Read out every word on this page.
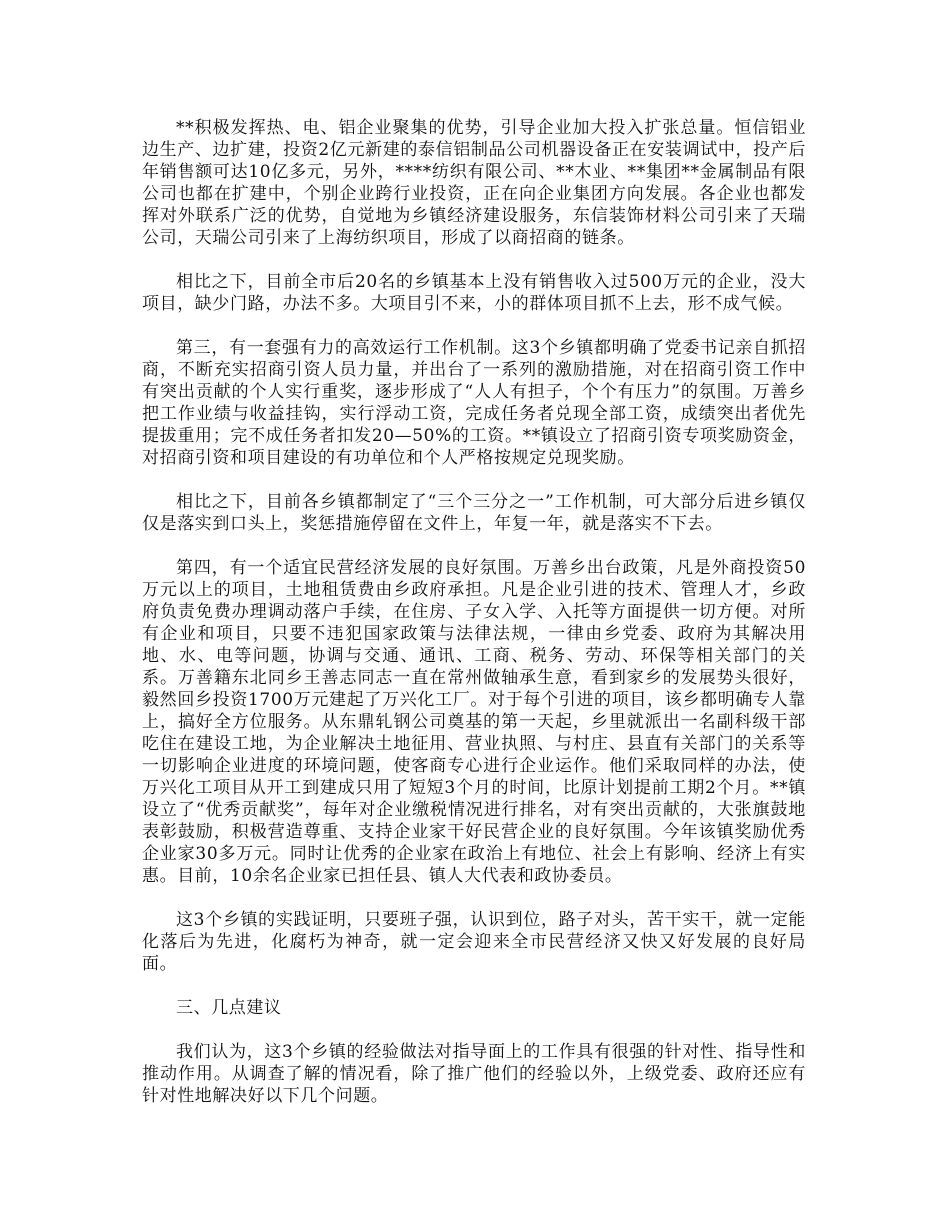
**积极发挥热、电、铝企业聚集的优势，引导企业加大投入扩张总量。恒信铝业边生产、边扩建，投资2亿元新建的泰信铝制品公司机器设备正在安装调试中，投产后年销售额可达10亿多元，另外，****纺织有限公司、**木业、**集团**金属制品有限公司也都在扩建中，个别企业跨行业投资，正在向企业集团方向发展。各企业也都发挥对外联系广泛的优势，自觉地为乡镇经济建设服务，东信装饰材料公司引来了天瑞公司，天瑞公司引来了上海纺织项目，形成了以商招商的链条。

相比之下，目前全市后20名的乡镇基本上没有销售收入过500万元的企业，没大项目，缺少门路，办法不多。大项目引不来，小的群体项目抓不上去，形不成气候。

第三，有一套强有力的高效运行工作机制。这3个乡镇都明确了党委书记亲自抓招商，不断充实招商引资人员力量，并出台了一系列的激励措施，对在招商引资工作中有突出贡献的个人实行重奖，逐步形成了“人人有担子，个个有压力”的氛围。万善乡把工作业绩与收益挂钩，实行浮动工资，完成任务者兑现全部工资，成绩突出者优先提拔重用；完不成任务者扣发20—50%的工资。**镇设立了招商引资专项奖励资金，对招商引资和项目建设的有功单位和个人严格按规定兑现奖励。

相比之下，目前各乡镇都制定了“三个三分之一”工作机制，可大部分后进乡镇仅仅是落实到口头上，奖惩措施停留在文件上，年复一年，就是落实不下去。

第四，有一个适宜民营经济发展的良好氛围。万善乡出台政策，凡是外商投资50万元以上的项目，土地租赁费由乡政府承担。凡是企业引进的技术、管理人才，乡政府负责免费办理调动落户手续，在住房、子女入学、入托等方面提供一切方便。对所有企业和项目，只要不违犯国家政策与法律法规，一律由乡党委、政府为其解决用地、水、电等问题，协调与交通、通讯、工商、税务、劳动、环保等相关部门的关系。万善籍东北同乡王善志同志一直在常州做轴承生意，看到家乡的发展势头很好，毅然回乡投资1700万元建起了万兴化工厂。对于每个引进的项目，该乡都明确专人靠上，搞好全方位服务。从东鼎轧钢公司奠基的第一天起，乡里就派出一名副科级干部吃住在建设工地，为企业解决土地征用、营业执照、与村庄、县直有关部门的关系等一切影响企业进度的环境问题，使客商专心进行企业运作。他们采取同样的办法，使万兴化工项目从开工到建成只用了短短3个月的时间，比原计划提前工期2个月。**镇设立了“优秀贡献奖”，每年对企业缴税情况进行排名，对有突出贡献的，大张旗鼓地表彰鼓励，积极营造尊重、支持企业家干好民营企业的良好氛围。今年该镇奖励优秀企业家30多万元。同时让优秀的企业家在政治上有地位、社会上有影响、经济上有实惠。目前，10余名企业家已担任县、镇人大代表和政协委员。

这3个乡镇的实践证明，只要班子强，认识到位，路子对头，苦干实干，就一定能化落后为先进，化腐朽为神奇，就一定会迎来全市民营经济又快又好发展的良好局面。

三、几点建议

我们认为，这3个乡镇的经验做法对指导面上的工作具有很强的针对性、指导性和推动作用。从调查了解的情况看，除了推广他们的经验以外，上级党委、政府还应有针对性地解决好以下几个问题。
